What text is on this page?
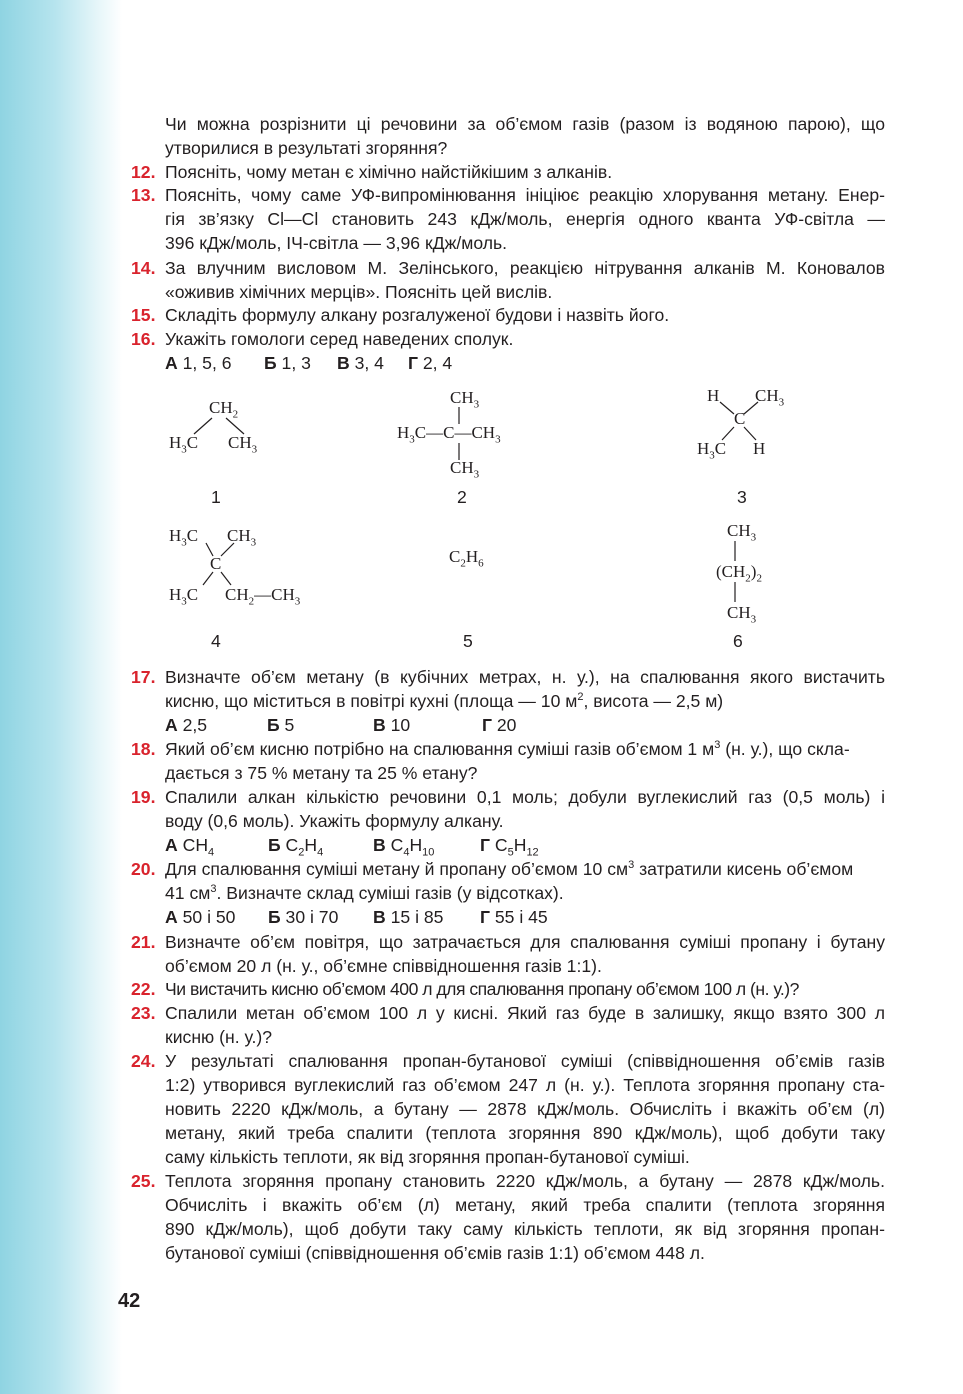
Чи можна розрізнити ці речовини за об’ємом газів (разом із водяною парою), що
утворилися в результаті згоряння?
12. Поясніть, чому метан є хімічно найстійкішим з алканів.
13. Поясніть, чому саме УФ-випромінювання ініціює реакцію хлорування метану. Енер-
гія зв’язку Cl—Cl становить 243 кДж/моль, енергія одного кванта УФ-світла —
396 кДж/моль, ІЧ-світла — 3,96 кДж/моль.
14. За влучним висловом М. Зелінського, реакцією нітрування алканів М. Коновалов
«оживив хімічних мерців». Поясніть цей вислів.
15. Складіть формулу алкану розгалуженої будови і назвіть його.
16. Укажіть гомологи серед наведених сполук.
А 1, 5, 6 Б 1, 3 В 3, 4 Г 2, 4
$CH_2$
$H_3C$ $CH_3$
1
$CH_3$
$H_3C—C—CH_3$
$CH_3$
2
H $CH_3$
C
$H_3C$ H
3
$H_3C$ $CH_3$
C
$H_3C$ $CH_2—CH_3$
4
$C_2H_6$
5
$CH_3$
$(CH_2)_2$
$CH_3$
6
17. Визначте об’єм метану (в кубічних метрах, н. у.), на спалювання якого вистачить
кисню, що міститься в повітрі кухні (площа — 10 $м^2$, висота — 2,5 м)
А 2,5	Б 5	В 10	Г 20
18. Який об’єм кисню потрібно на спалювання суміші газів об’ємом 1 $м^3$ (н. у.), що скла-
дається з 75 % метану та 25 % етану?
19. Спалили алкан кількістю речовини 0,1 моль; добули вуглекислий газ (0,5 моль) і
воду (0,6 моль). Укажіть формулу алкану.
А $CH_4$	Б $C_2H_4$	В $C_4H_{10}$	Г $C_5H_{12}$
20. Для спалювання суміші метану й пропану об’ємом 10 $см^3$ затратили кисень об’ємом
41 $см^3$. Визначте склад суміші газів (у відсотках).
А 50 і 50 Б 30 і 70 В 15 і 85 Г 55 і 45
21. Визначте об’єм повітря, що затрачається для спалювання суміші пропану і бутану
об’ємом 20 л (н. у., об’ємне співвідношення газів 1:1).
22. Чи вистачить кисню об’ємом 400 л для спалювання пропану об’ємом 100 л (н. у.)?
23. Спалили метан об’ємом 100 л у кисні. Який газ буде в залишку, якщо взято 300 л
кисню (н. у.)?
24. У результаті спалювання пропан-бутанової суміші (співвідношення об’ємів газів
1:2) утворився вуглекислий газ об’ємом 247 л (н. у.). Теплота згоряння пропану ста-
новить 2220 кДж/моль, а бутану — 2878 кДж/моль. Обчисліть і вкажіть об’єм (л)
метану, який треба спалити (теплота згоряння 890 кДж/моль), щоб добути таку
саму кількість теплоти, як від згоряння пропан-бутанової суміші.
25. Теплота згоряння пропану становить 2220 кДж/моль, а бутану — 2878 кДж/моль.
Обчисліть і вкажіть об’єм (л) метану, який треба спалити (теплота згоряння
890 кДж/моль), щоб добути таку саму кількість теплоти, як від згоряння пропан-
бутанової суміші (співвідношення об’ємів газів 1:1) об’ємом 448 л.
42
